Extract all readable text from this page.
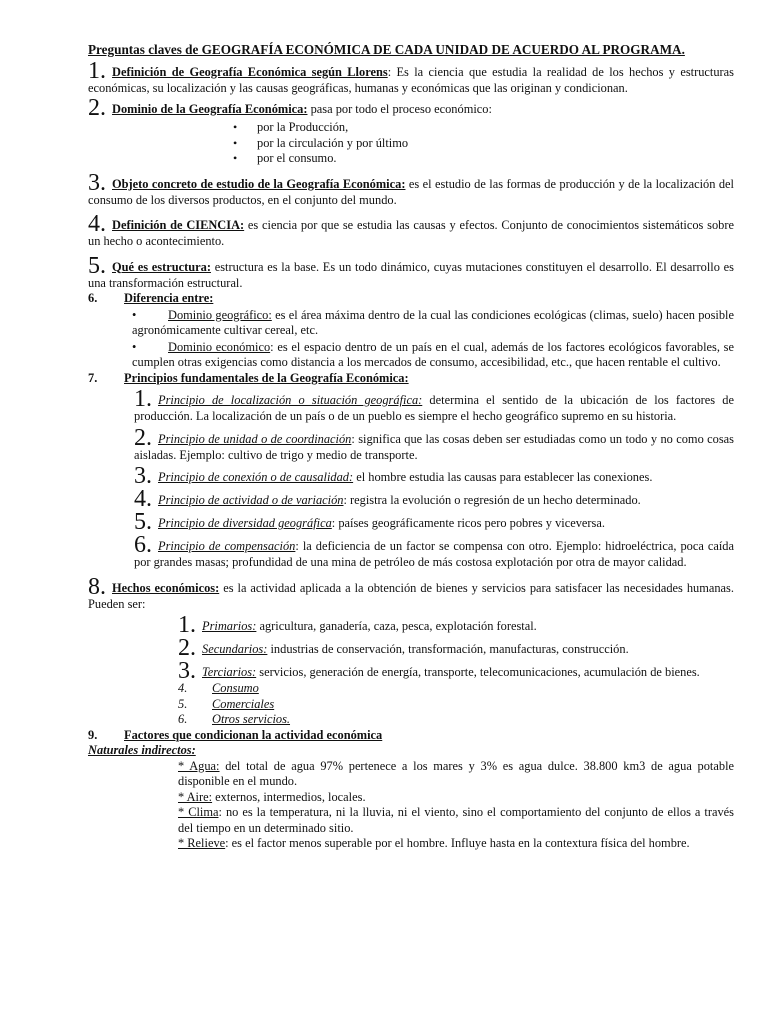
Preguntas claves de GEOGRAFÍA ECONÓMICA DE CADA UNIDAD DE ACUERDO AL PROGRAMA.

1. Definición de Geografía Económica según Llorens: Es la ciencia que estudia la realidad de los hechos y estructuras económicas, su localización y las causas geográficas, humanas y económicas que las originan y condicionan.

2. Dominio de la Geografía Económica: pasa por todo el proceso económico:

• por la Producción,
• por la circulación y por último
• por el consumo.

3. Objeto concreto de estudio de la Geografía Económica: es el estudio de las formas de producción y de la localización del consumo de los diversos productos, en el conjunto del mundo.

4. Definición de CIENCIA: es ciencia por que se estudia las causas y efectos. Conjunto de conocimientos sistemáticos sobre un hecho o acontecimiento.

5. Qué es estructura: estructura es la base. Es un todo dinámico, cuyas mutaciones constituyen el desarrollo. El desarrollo es una transformación estructural.

6. Diferencia entre:

•	Dominio geográfico: es el área máxima dentro de la cual las condiciones ecológicas (climas, suelo) hacen posible agronómicamente cultivar cereal, etc.

•	Dominio económico: es el espacio dentro de un país en el cual, además de los factores ecológicos favorables, se cumplen otras exigencias como distancia a los mercados de consumo, accesibilidad, etc., que hacen rentable el cultivo.

7. Principios fundamentales de la Geografía Económica:

1. Principio de localización o situación geográfica: determina el sentido de la ubicación de los factores de producción. La localización de un país o de un pueblo es siempre el hecho geográfico supremo en su historia.

2. Principio de unidad o de coordinación: significa que las cosas deben ser estudiadas como un todo y no como cosas aisladas. Ejemplo: cultivo de trigo y medio de transporte.

3. Principio de conexión o de causalidad: el hombre estudia las causas para establecer las conexiones.

4. Principio de actividad o de variación: registra la evolución o regresión de un hecho determinado.

5. Principio de diversidad geográfica: países geográficamente ricos pero pobres y viceversa.

6. Principio de compensación: la deficiencia de un factor se compensa con otro. Ejemplo: hidroeléctrica, poca caída por grandes masas; profundidad de una mina de petróleo de más costosa explotación por otra de mayor calidad.

8. Hechos económicos: es la actividad aplicada a la obtención de bienes y servicios para satisfacer las necesidades humanas. Pueden ser:

1. Primarios: agricultura, ganadería, caza, pesca, explotación forestal.

2. Secundarios: industrias de conservación, transformación, manufacturas, construcción.

3. Terciarios: servicios, generación de energía, transporte, telecomunicaciones, acumulación de bienes.

4. Consumo

5. Comerciales

6. Otros servicios.

9. Factores que condicionan la actividad económica

Naturales indirectos:

* Agua: del total de agua 97% pertenece a los mares y 3% es agua dulce. 38.800 km3 de agua potable disponible en el mundo.

* Aire: externos, intermedios, locales.

* Clima: no es la temperatura, ni la lluvia, ni el viento, sino el comportamiento del conjunto de ellos a través del tiempo en un determinado sitio.

* Relieve: es el factor menos superable por el hombre. Influye hasta en la contextura física del hombre.
